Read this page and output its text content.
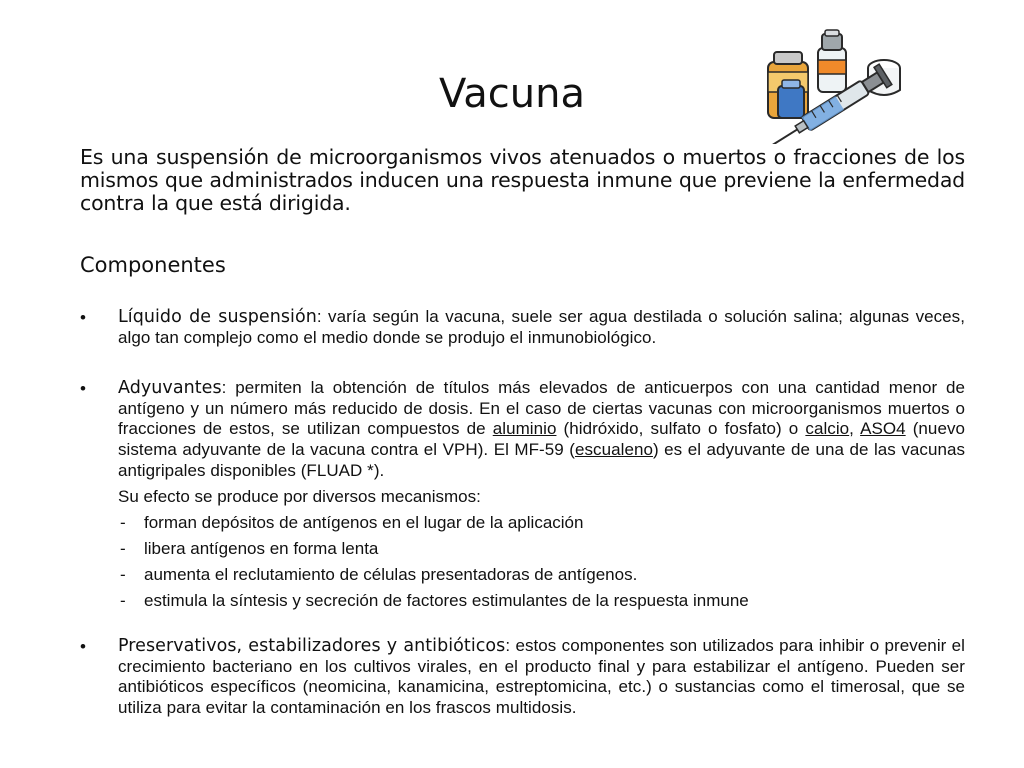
Vacuna

Es una suspensión de microorganismos vivos atenuados o muertos o fracciones de los mismos que administrados inducen una respuesta inmune que previene la enfermedad contra la que está dirigida.

Componentes
• Líquido de suspensión: varía según la vacuna, suele ser agua destilada o solución salina; algunas veces, algo tan complejo como el medio donde se produjo el inmunobiológico.

• Adyuvantes: permiten la obtención de títulos más elevados de anticuerpos con una cantidad menor de antígeno y un número más reducido de dosis. En el caso de ciertas vacunas con microorganismos muertos o fracciones de estos, se utilizan compuestos de aluminio (hidróxido, sulfato o fosfato) o calcio, ASO4 (nuevo sistema adyuvante de la vacuna contra el VPH). El MF-59 (escualeno) es el adyuvante de una de las vacunas antigripales disponibles (FLUAD *).

Su efecto se produce por diversos mecanismos:

-	forman depósitos de antígenos en el lugar de la aplicación
-	libera antígenos en forma lenta
-	aumenta el reclutamiento de células presentadoras de antígenos.
-	estimula la síntesis y secreción de factores estimulantes de la respuesta inmune
• Preservativos, estabilizadores y antibióticos: estos componentes son utilizados para inhibir o prevenir el crecimiento bacteriano en los cultivos virales, en el producto final y para estabilizar el antígeno. Pueden ser antibióticos específicos (neomicina, kanamicina, estreptomicina, etc.) o sustancias como el timerosal, que se utiliza para evitar la contaminación en los frascos multidosis.
